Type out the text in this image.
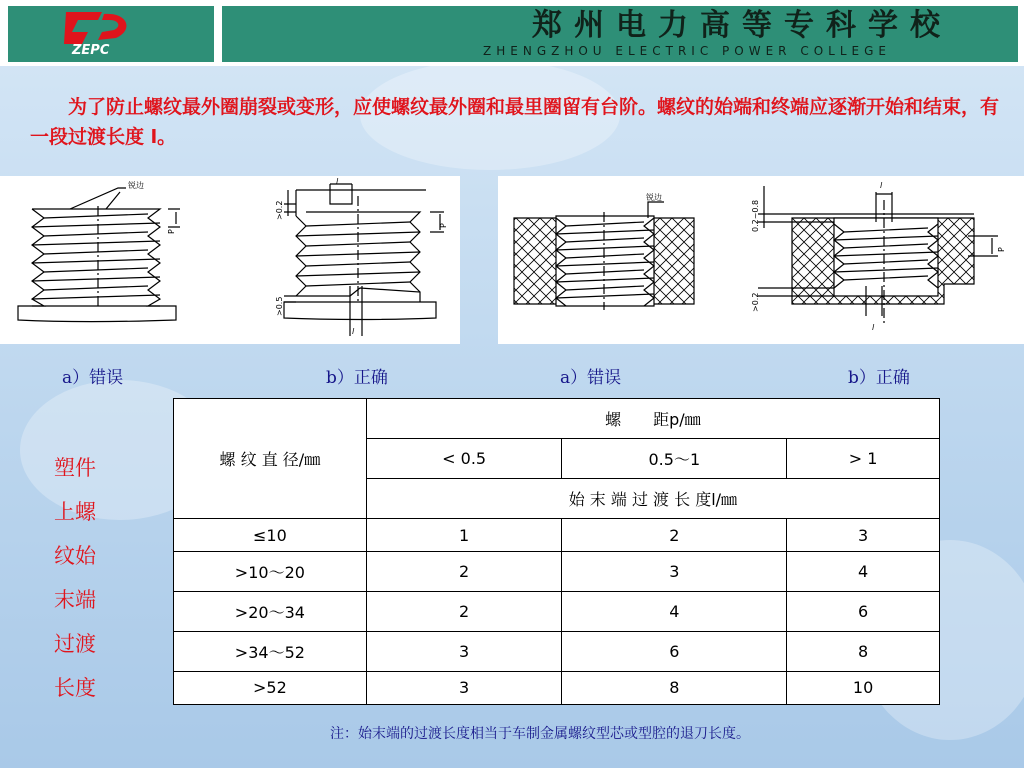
ZEPC
郑州电力高等专科学校
ZHENGZHOU ELECTRIC POWER COLLEGE
为了防止螺纹最外圈崩裂或变形，应使螺纹最外圈和最里圈留有台阶。螺纹的始端和终端应逐渐开始和结束，有一段过渡长度 l。
锐边
P
l
l
>0.2
>0.5
P
锐边
l
l
0.2~0.8
>0.2
P
a）错误	b）正确	a）错误	b）正确
塑件
上螺
纹始
末端
过渡
长度
螺 纹 直 径/㎜	螺　　距p/㎜		
	< 0.5	0.5～1	> 1
	始 末 端 过 渡 长 度l/㎜		
≤10	1	2	3
>10～20	2	3	4
>20～34	2	4	6
>34～52	3	6	8
>52	3	8	10
注：始末端的过渡长度相当于车制金属螺纹型芯或型腔的退刀长度。
